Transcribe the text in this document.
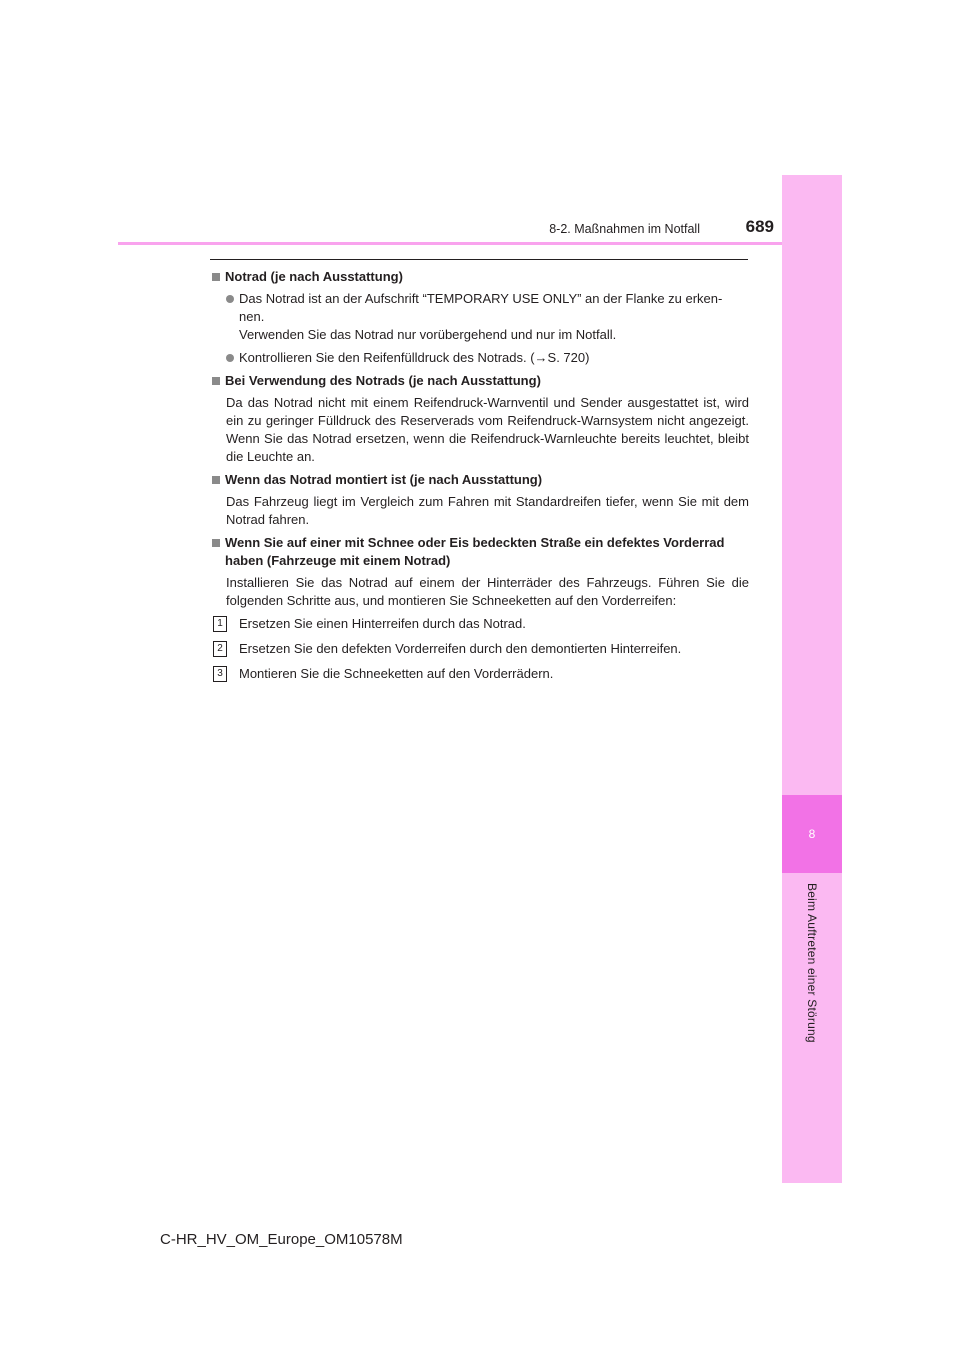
8-2. Maßnahmen im Notfall	689
8
Beim Auftreten einer Störung
Notrad (je nach Ausstattung)
Das Notrad ist an der Aufschrift “TEMPORARY USE ONLY” an der Flanke zu erken-
nen.
Verwenden Sie das Notrad nur vorübergehend und nur im Notfall.
Kontrollieren Sie den Reifenfülldruck des Notrads. (→S. 720)
Bei Verwendung des Notrads (je nach Ausstattung)
Da das Notrad nicht mit einem Reifendruck-Warnventil und Sender ausgestattet ist, wird ein zu geringer Fülldruck des Reserverads vom Reifendruck-Warnsystem nicht angezeigt. Wenn Sie das Notrad ersetzen, wenn die Reifendruck-Warnleuchte bereits leuchtet, bleibt die Leuchte an.
Wenn das Notrad montiert ist (je nach Ausstattung)
Das Fahrzeug liegt im Vergleich zum Fahren mit Standardreifen tiefer, wenn Sie mit dem Notrad fahren.
Wenn Sie auf einer mit Schnee oder Eis bedeckten Straße ein defektes Vorderrad
haben (Fahrzeuge mit einem Notrad)
Installieren Sie das Notrad auf einem der Hinterräder des Fahrzeugs. Führen Sie die folgenden Schritte aus, und montieren Sie Schneeketten auf den Vorderreifen:
1	Ersetzen Sie einen Hinterreifen durch das Notrad.
2	Ersetzen Sie den defekten Vorderreifen durch den demontierten Hinterreifen.
3	Montieren Sie die Schneeketten auf den Vorderrädern.
C-HR_HV_OM_Europe_OM10578M
